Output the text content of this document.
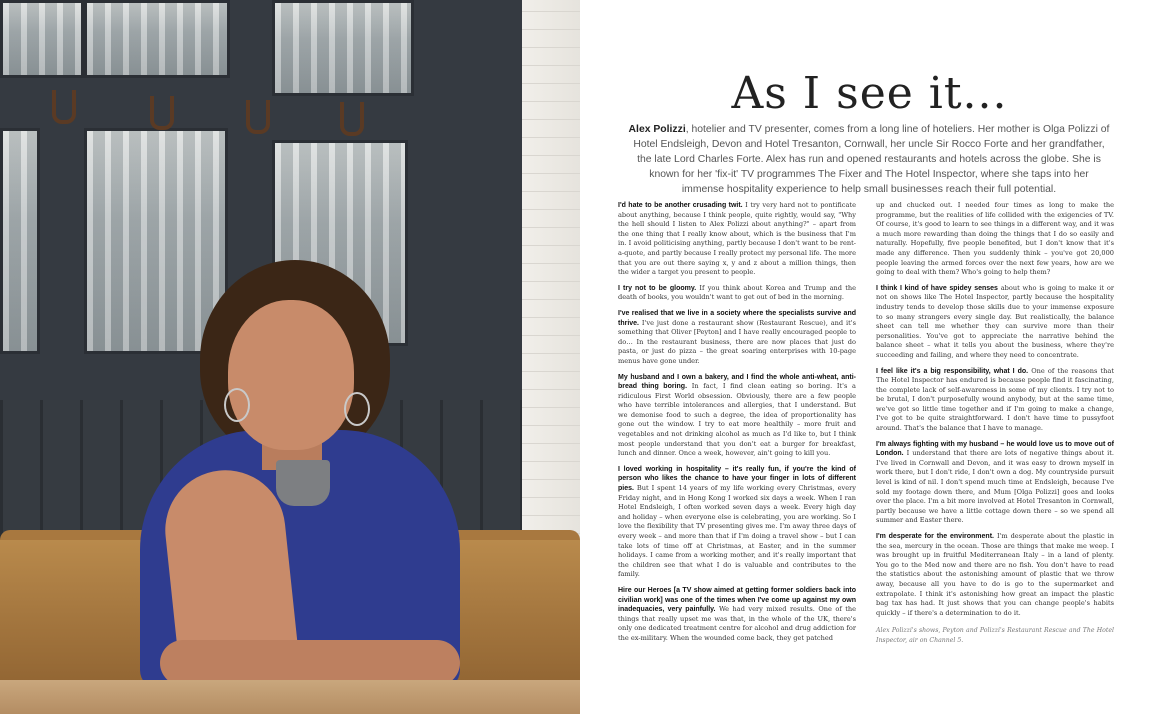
As I see it...
Alex Polizzi, hotelier and TV presenter, comes from a long line of hoteliers. Her mother is Olga Polizzi of Hotel Endsleigh, Devon and Hotel Tresanton, Cornwall, her uncle Sir Rocco Forte and her grandfather, the late Lord Charles Forte. Alex has run and opened restaurants and hotels across the globe. She is known for her 'fix-it' TV programmes The Fixer and The Hotel Inspector, where she taps into her immense hospitality experience to help small businesses reach their full potential.

I'd hate to be another crusading twit. I try very hard not to pontificate about anything, because I think people, quite rightly, would say, "Why the hell should I listen to Alex Polizzi about anything?" – apart from the one thing that I really know about, which is the business that I'm in. I avoid politicising anything, partly because I don't want to be rent-a-quote, and partly because I really protect my personal life. The more that you are out there saying x, y and z about a million things, then the wider a target you present to people.

I try not to be gloomy. If you think about Korea and Trump and the death of books, you wouldn't want to get out of bed in the morning.

I've realised that we live in a society where the specialists survive and thrive. I've just done a restaurant show (Restaurant Rescue), and it's something that Oliver [Peyton] and I have really encouraged people to do… In the restaurant business, there are now places that just do pasta, or just do pizza – the great soaring enterprises with 10-page menus have gone under.

My husband and I own a bakery, and I find the whole anti-wheat, anti-bread thing boring. In fact, I find clean eating so boring. It's a ridiculous First World obsession. Obviously, there are a few people who have terrible intolerances and allergies, that I understand. But we demonise food to such a degree, the idea of proportionality has gone out the window. I try to eat more healthily – more fruit and vegetables and not drinking alcohol as much as I'd like to, but I think most people understand that you don't eat a burger for breakfast, lunch and dinner. Once a week, however, ain't going to kill you.

I loved working in hospitality – it's really fun, if you're the kind of person who likes the chance to have your finger in lots of different pies. But I spent 14 years of my life working every Christmas, every Friday night, and in Hong Kong I worked six days a week. When I ran Hotel Endsleigh, I often worked seven days a week. Every high day and holiday – when everyone else is celebrating, you are working. So I love the flexibility that TV presenting gives me. I'm away three days of every week – and more than that if I'm doing a travel show – but I can take lots of time off at Christmas, at Easter, and in the summer holidays. I came from a working mother, and it's really important that the children see that what I do is valuable and contributes to the family.

Hire our Heroes [a TV show aimed at getting former soldiers back into civilian work] was one of the times when I've come up against my own inadequacies, very painfully. We had very mixed results. One of the things that really upset me was that, in the whole of the UK, there's only one dedicated treatment centre for alcohol and drug addiction for the ex-military. When the wounded come back, they get patched

up and chucked out. I needed four times as long to make the programme, but the realities of life collided with the exigencies of TV. Of course, it's good to learn to see things in a different way, and it was a much more rewarding than doing the things that I do so easily and naturally. Hopefully, five people benefited, but I don't know that it's made any difference. Then you suddenly think – you've got 20,000 people leaving the armed forces over the next few years, how are we going to deal with them? Who's going to help them?

I think I kind of have spidey senses about who is going to make it or not on shows like The Hotel Inspector, partly because the hospitality industry tends to develop those skills due to your immense exposure to so many strangers every single day. But realistically, the balance sheet can tell me whether they can survive more than their personalities. You've got to appreciate the narrative behind the balance sheet – what it tells you about the business, where they're succeeding and failing, and where they need to concentrate.

I feel like it's a big responsibility, what I do. One of the reasons that The Hotel Inspector has endured is because people find it fascinating, the complete lack of self-awareness in some of my clients. I try not to be brutal, I don't purposefully wound anybody, but at the same time, we've got so little time together and if I'm going to make a change, I've got to be quite straightforward. I don't have time to pussyfoot around. That's the balance that I have to manage.

I'm always fighting with my husband – he would love us to move out of London. I understand that there are lots of negative things about it. I've lived in Cornwall and Devon, and it was easy to drown myself in work there, but I don't ride, I don't own a dog. My countryside pursuit level is kind of nil. I don't spend much time at Endsleigh, because I've sold my footage down there, and Mum [Olga Polizzi] goes and looks over the place. I'm a bit more involved at Hotel Tresanton in Cornwall, partly because we have a little cottage down there – so we spend all summer and Easter there.

I'm desperate for the environment. I'm desperate about the plastic in the sea, mercury in the ocean. Those are things that make me weep. I was brought up in fruitful Mediterranean Italy – in a land of plenty. You go to the Med now and there are no fish. You don't have to read the statistics about the astonishing amount of plastic that we throw away, because all you have to do is go to the supermarket and extrapolate. I think it's astonishing how great an impact the plastic bag tax has had. It just shows that you can change people's habits quickly – if there's a determination to do it.

Alex Polizzi's shows, Peyton and Polizzi's Restaurant Rescue and The Hotel Inspector, air on Channel 5.
